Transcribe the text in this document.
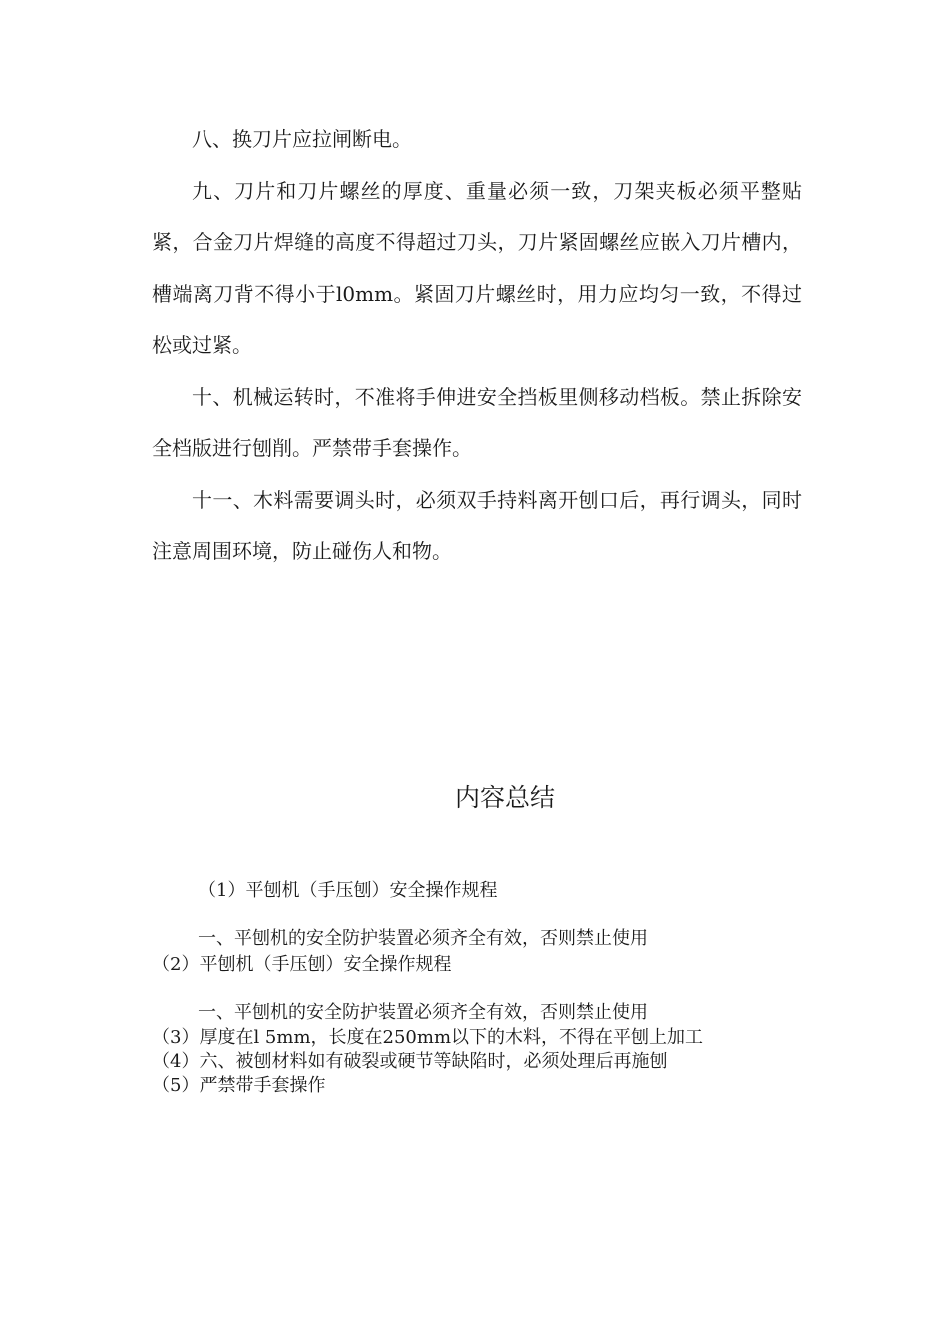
八、换刀片应拉闸断电。

九、刀片和刀片螺丝的厚度、重量必须一致，刀架夹板必须平整贴紧，合金刀片焊缝的高度不得超过刀头，刀片紧固螺丝应嵌入刀片槽内，槽端离刀背不得小于l0mm。紧固刀片螺丝时，用力应均匀一致，不得过松或过紧。

十、机械运转时，不准将手伸进安全挡板里侧移动档板。禁止拆除安全档版进行刨削。严禁带手套操作。

十一、木料需要调头时，必须双手持料离开刨口后，再行调头，同时注意周围环境，防止碰伤人和物。

内容总结

（1）平刨机（手压刨）安全操作规程

一、平刨机的安全防护装置必须齐全有效，否则禁止使用

（2）平刨机（手压刨）安全操作规程

一、平刨机的安全防护装置必须齐全有效，否则禁止使用

（3）厚度在l 5mm，长度在250mm以下的木料，不得在平刨上加工

（4）六、被刨材料如有破裂或硬节等缺陷时，必须处理后再施刨

（5）严禁带手套操作
